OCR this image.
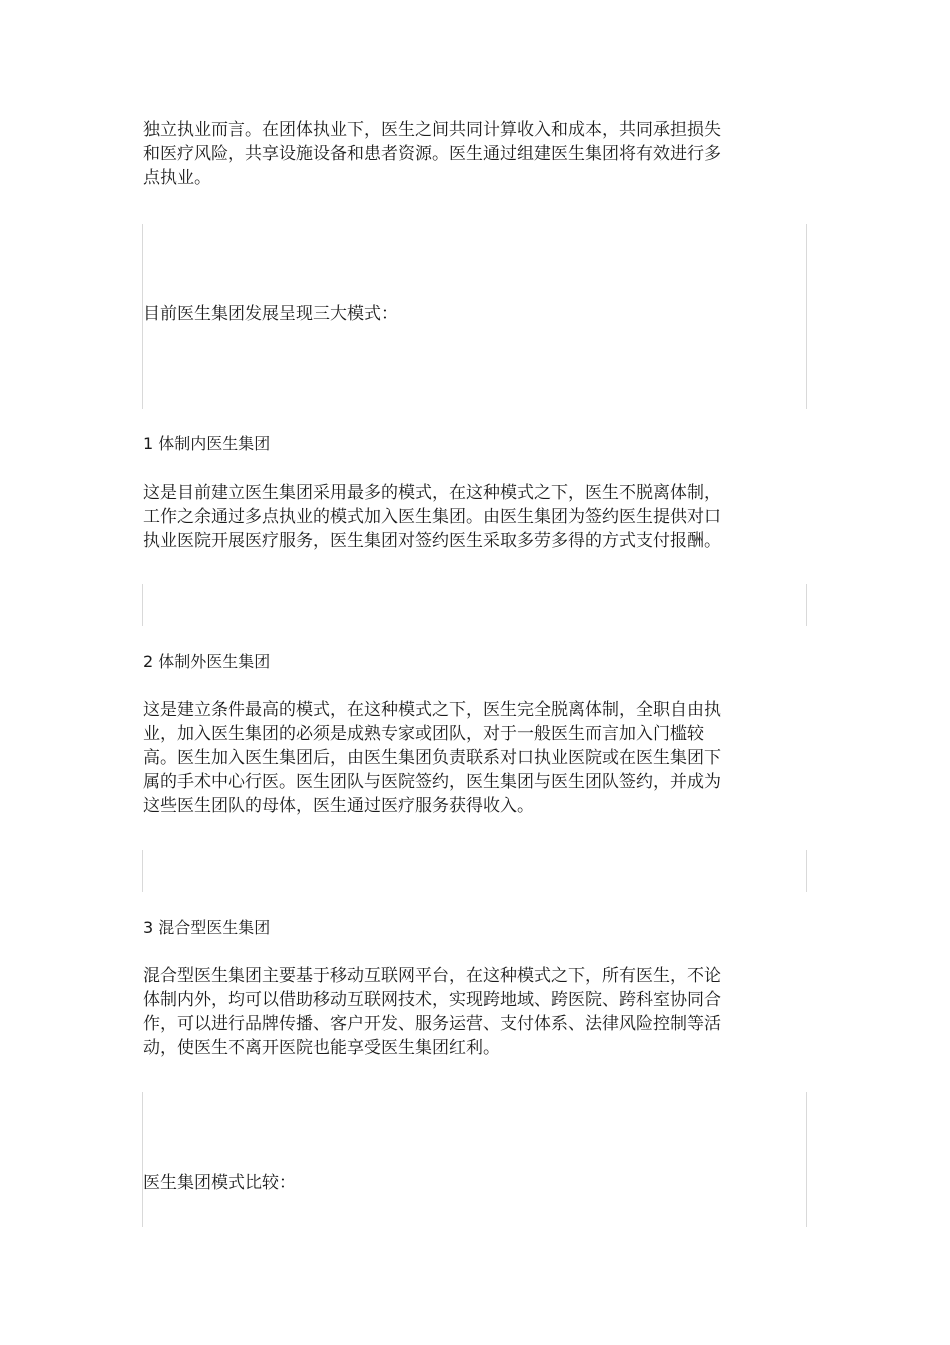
独立执业而言。在团体执业下，医生之间共同计算收入和成本，共同承担损失
和医疗风险，共享设施设备和患者资源。医生通过组建医生集团将有效进行多
点执业。

目前医生集团发展呈现三大模式：

1 体制内医生集团

这是目前建立医生集团采用最多的模式，在这种模式之下，医生不脱离体制，
工作之余通过多点执业的模式加入医生集团。由医生集团为签约医生提供对口
执业医院开展医疗服务，医生集团对签约医生采取多劳多得的方式支付报酬。

2 体制外医生集团

这是建立条件最高的模式，在这种模式之下，医生完全脱离体制，全职自由执
业，加入医生集团的必须是成熟专家或团队，对于一般医生而言加入门槛较
高。医生加入医生集团后，由医生集团负责联系对口执业医院或在医生集团下
属的手术中心行医。医生团队与医院签约，医生集团与医生团队签约，并成为
这些医生团队的母体，医生通过医疗服务获得收入。

3 混合型医生集团

混合型医生集团主要基于移动互联网平台，在这种模式之下，所有医生，不论
体制内外，均可以借助移动互联网技术，实现跨地域、跨医院、跨科室协同合
作，可以进行品牌传播、客户开发、服务运营、支付体系、法律风险控制等活
动，使医生不离开医院也能享受医生集团红利。

医生集团模式比较：
